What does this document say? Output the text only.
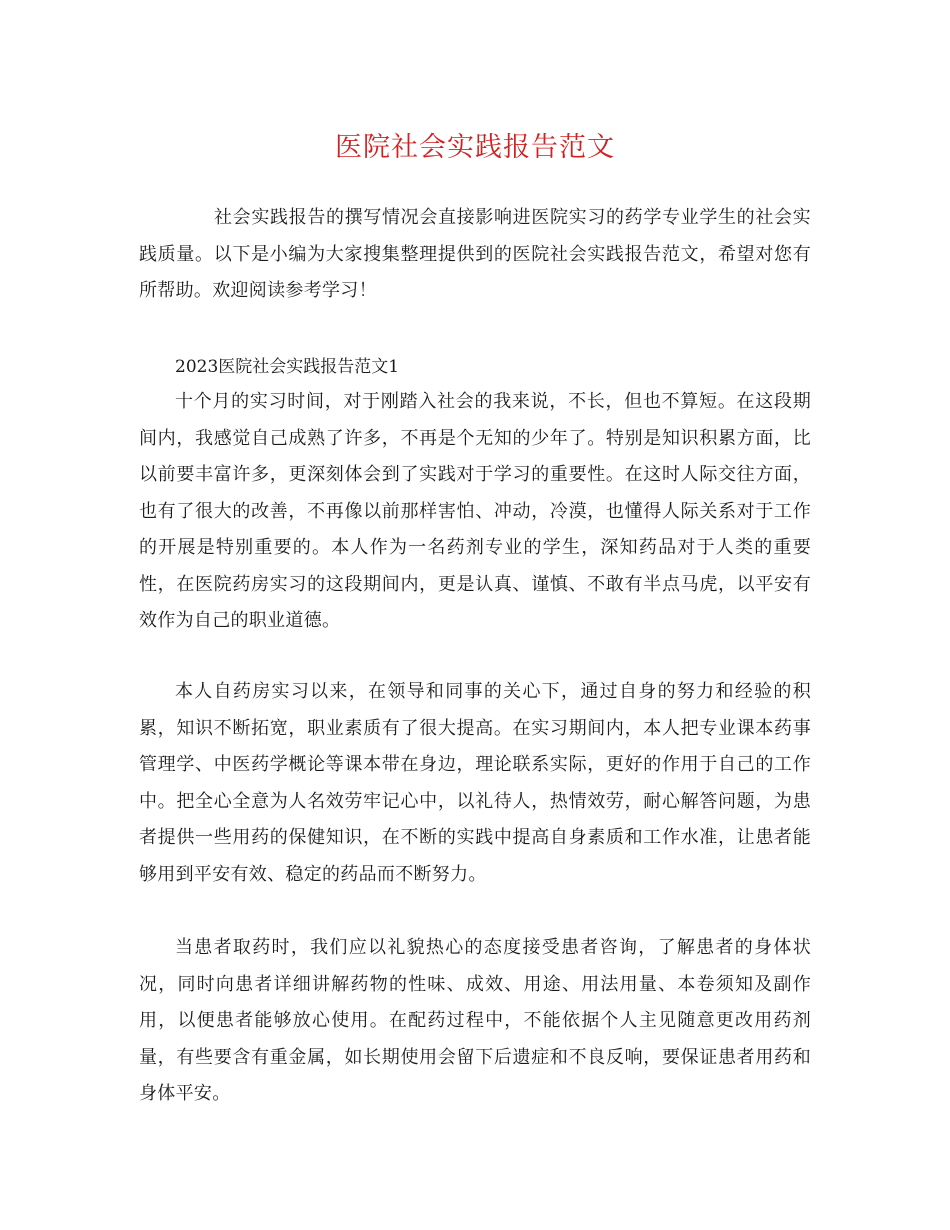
医院社会实践报告范文

社会实践报告的撰写情况会直接影响进医院实习的药学专业学生的社会实践质量。以下是小编为大家搜集整理提供到的医院社会实践报告范文，希望对您有所帮助。欢迎阅读参考学习！

2023医院社会实践报告范文1

十个月的实习时间，对于刚踏入社会的我来说，不长，但也不算短。在这段期间内，我感觉自己成熟了许多，不再是个无知的少年了。特别是知识积累方面，比以前要丰富许多，更深刻体会到了实践对于学习的重要性。在这时人际交往方面，也有了很大的改善，不再像以前那样害怕、冲动，冷漠，也懂得人际关系对于工作的开展是特别重要的。本人作为一名药剂专业的学生，深知药品对于人类的重要性，在医院药房实习的这段期间内，更是认真、谨慎、不敢有半点马虎，以平安有效作为自己的职业道德。

本人自药房实习以来，在领导和同事的关心下，通过自身的努力和经验的积累，知识不断拓宽，职业素质有了很大提高。在实习期间内，本人把专业课本药事管理学、中医药学概论等课本带在身边，理论联系实际，更好的作用于自己的工作中。把全心全意为人名效劳牢记心中，以礼待人，热情效劳，耐心解答问题，为患者提供一些用药的保健知识，在不断的实践中提高自身素质和工作水准，让患者能够用到平安有效、稳定的药品而不断努力。

当患者取药时，我们应以礼貌热心的态度接受患者咨询，了解患者的身体状况，同时向患者详细讲解药物的性味、成效、用途、用法用量、本卷须知及副作用，以便患者能够放心使用。在配药过程中，不能依据个人主见随意更改用药剂量，有些要含有重金属，如长期使用会留下后遗症和不良反响，要保证患者用药和身体平安。
